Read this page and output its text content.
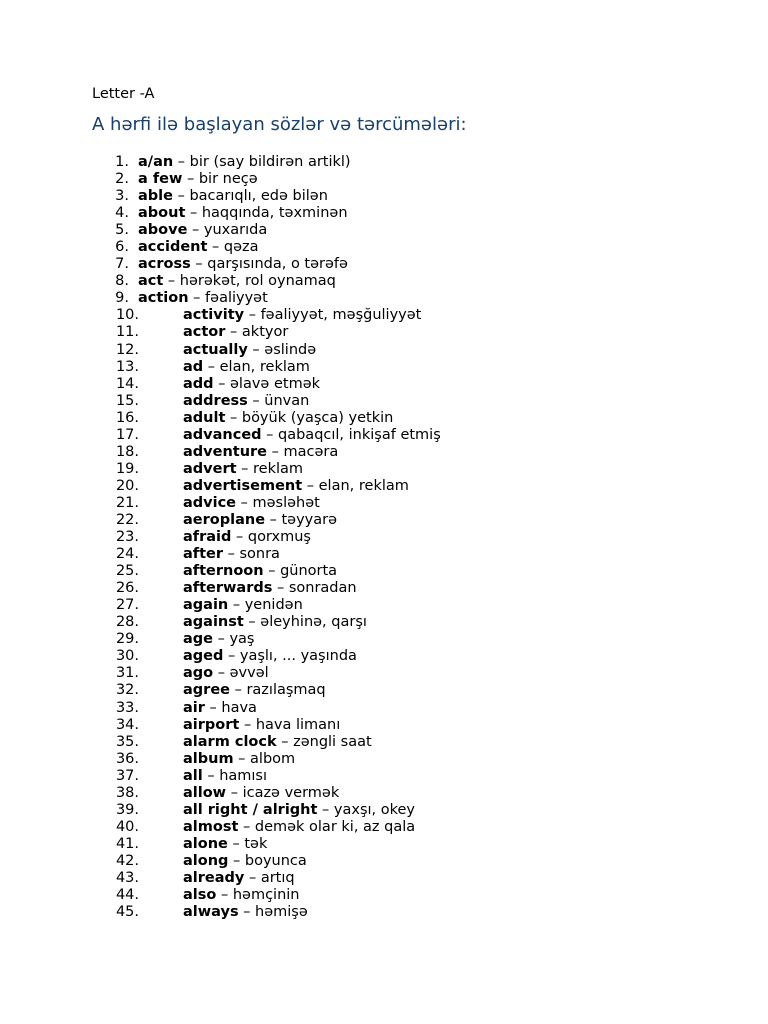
Letter -A
A hərfi ilə başlayan sözlər və tərcümələri:
1. a/an – bir (say bildirən artikl)
2. a few – bir neçə
3. able – bacarıqlı, edə bilən
4. about – haqqında, təxminən
5. above – yuxarıda
6. accident – qəza
7. across – qarşısında, o tərəfə
8. act – hərəkət, rol oynamaq
9. action – fəaliyyət
10.	activity – fəaliyyət, məşğuliyyət
11.	actor – aktyor
12.	actually – əslində
13.	ad – elan, reklam
14.	add – əlavə etmək
15.	address – ünvan
16.	adult – böyük (yaşca) yetkin
17.	advanced – qabaqcıl, inkişaf etmiş
18.	adventure – macəra
19.	advert – reklam
20.	advertisement – elan, reklam
21.	advice – məsləhət
22.	aeroplane – təyyarə
23.	afraid – qorxmuş
24.	after – sonra
25.	afternoon – günorta
26.	afterwards – sonradan
27.	again – yenidən
28.	against – əleyhinə, qarşı
29.	age – yaş
30.	aged – yaşlı, ... yaşında
31.	ago – əvvəl
32.	agree – razılaşmaq
33.	air – hava
34.	airport – hava limanı
35.	alarm clock – zəngli saat
36.	album – albom
37.	all – hamısı
38.	allow – icazə vermək
39.	all right / alright – yaxşı, okey
40.	almost – demək olar ki, az qala
41.	alone – tək
42.	along – boyunca
43.	already – artıq
44.	also – həmçinin
45.	always – həmişə
